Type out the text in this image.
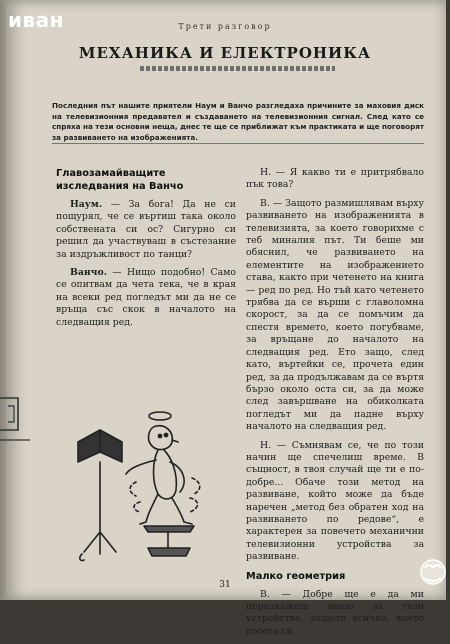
иван	Трети разговор
МЕХАНИКА И ЕЛЕКТРОНИКА
Последния път нашите приятели Наум и Ванчо разгледаха причините за маховия диск на телевизионния предавател и създаването на телевизионния сигнал. След като се спряха на тези основни неща, днес те ще се приближат към практиката и ще поговорят за развиването на изображенията.

Главозамайващите изследвания на Ванчо

Наум. — За бога! Да не си пощурял, че се въртиш така около собствената си ос? Сигурно си решил да участвуваш в състезание за издръжливост по танци?

Ванчо. — Нищо подобно! Само се опитвам да чета тека, че в края на всеки ред погледът ми да не се връща със скок в началото на следващия ред.

Н. — Я какво ти е притрябвало пък това?

В. — Защото размишлявам върху развиването на изображенията в телевизията, за което говорихме с теб миналия път. Ти беше ми обяснил, че развиването на елементите на изображението става, както при четенето на книга — ред по ред. Но тъй като четенето трябва да се върши с главоломна скорост, за да се помъчим да спестя времето, което погубваме, за връщане до началото на следващия ред. Ето защо, след като, въртейки се, прочета един ред, за да продължавам да се въртя бързо около оста си, за да може след завършване на обиколката погледът ми да падне върху началото на следващия ред.

Н. — Съмнявам се, че по този начин ще спечелиш време. В същност, в твоя случай ще ти е по-добре... Обаче този метод на развиване, който може да бъде наречен „метод без обратен ход на развиването по редове“, е характерен за повечето механични телевизионни устройства за развиване.

Малко геометрия

В. — Добре ще е да ми поразкажеш нещо за тези устройства, защото всичко, което досега си

31
